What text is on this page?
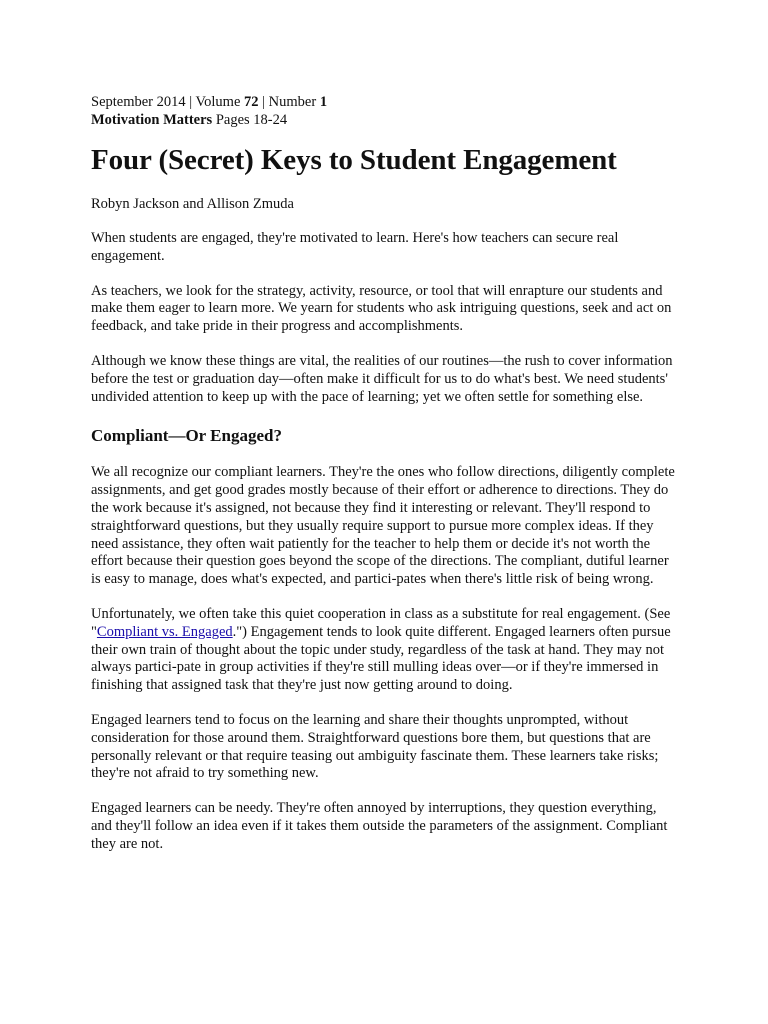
September 2014 | Volume 72 | Number 1

Motivation Matters Pages 18-24

Four (Secret) Keys to Student Engagement

Robyn Jackson and Allison Zmuda

When students are engaged, they're motivated to learn. Here's how teachers can secure real engagement.

As teachers, we look for the strategy, activity, resource, or tool that will enrapture our students and make them eager to learn more. We yearn for students who ask intriguing questions, seek and act on feedback, and take pride in their progress and accomplishments.

Although we know these things are vital, the realities of our routines—the rush to cover information before the test or graduation day—often make it difficult for us to do what's best. We need students' undivided attention to keep up with the pace of learning; yet we often settle for something else.

Compliant—Or Engaged?

We all recognize our compliant learners. They're the ones who follow directions, diligently complete assignments, and get good grades mostly because of their effort or adherence to directions. They do the work because it's assigned, not because they find it interesting or relevant. They'll respond to straightforward questions, but they usually require support to pursue more complex ideas. If they need assistance, they often wait patiently for the teacher to help them or decide it's not worth the effort because their question goes beyond the scope of the directions. The compliant, dutiful learner is easy to manage, does what's expected, and partici-pates when there's little risk of being wrong.

Unfortunately, we often take this quiet cooperation in class as a substitute for real engagement. (See "Compliant vs. Engaged.") Engagement tends to look quite different. Engaged learners often pursue their own train of thought about the topic under study, regardless of the task at hand. They may not always partici-pate in group activities if they're still mulling ideas over—or if they're immersed in finishing that assigned task that they're just now getting around to doing.

Engaged learners tend to focus on the learning and share their thoughts unprompted, without consideration for those around them. Straightforward questions bore them, but questions that are personally relevant or that require teasing out ambiguity fascinate them. These learners take risks; they're not afraid to try something new.

Engaged learners can be needy. They're often annoyed by interruptions, they question everything, and they'll follow an idea even if it takes them outside the parameters of the assignment. Compliant they are not.
